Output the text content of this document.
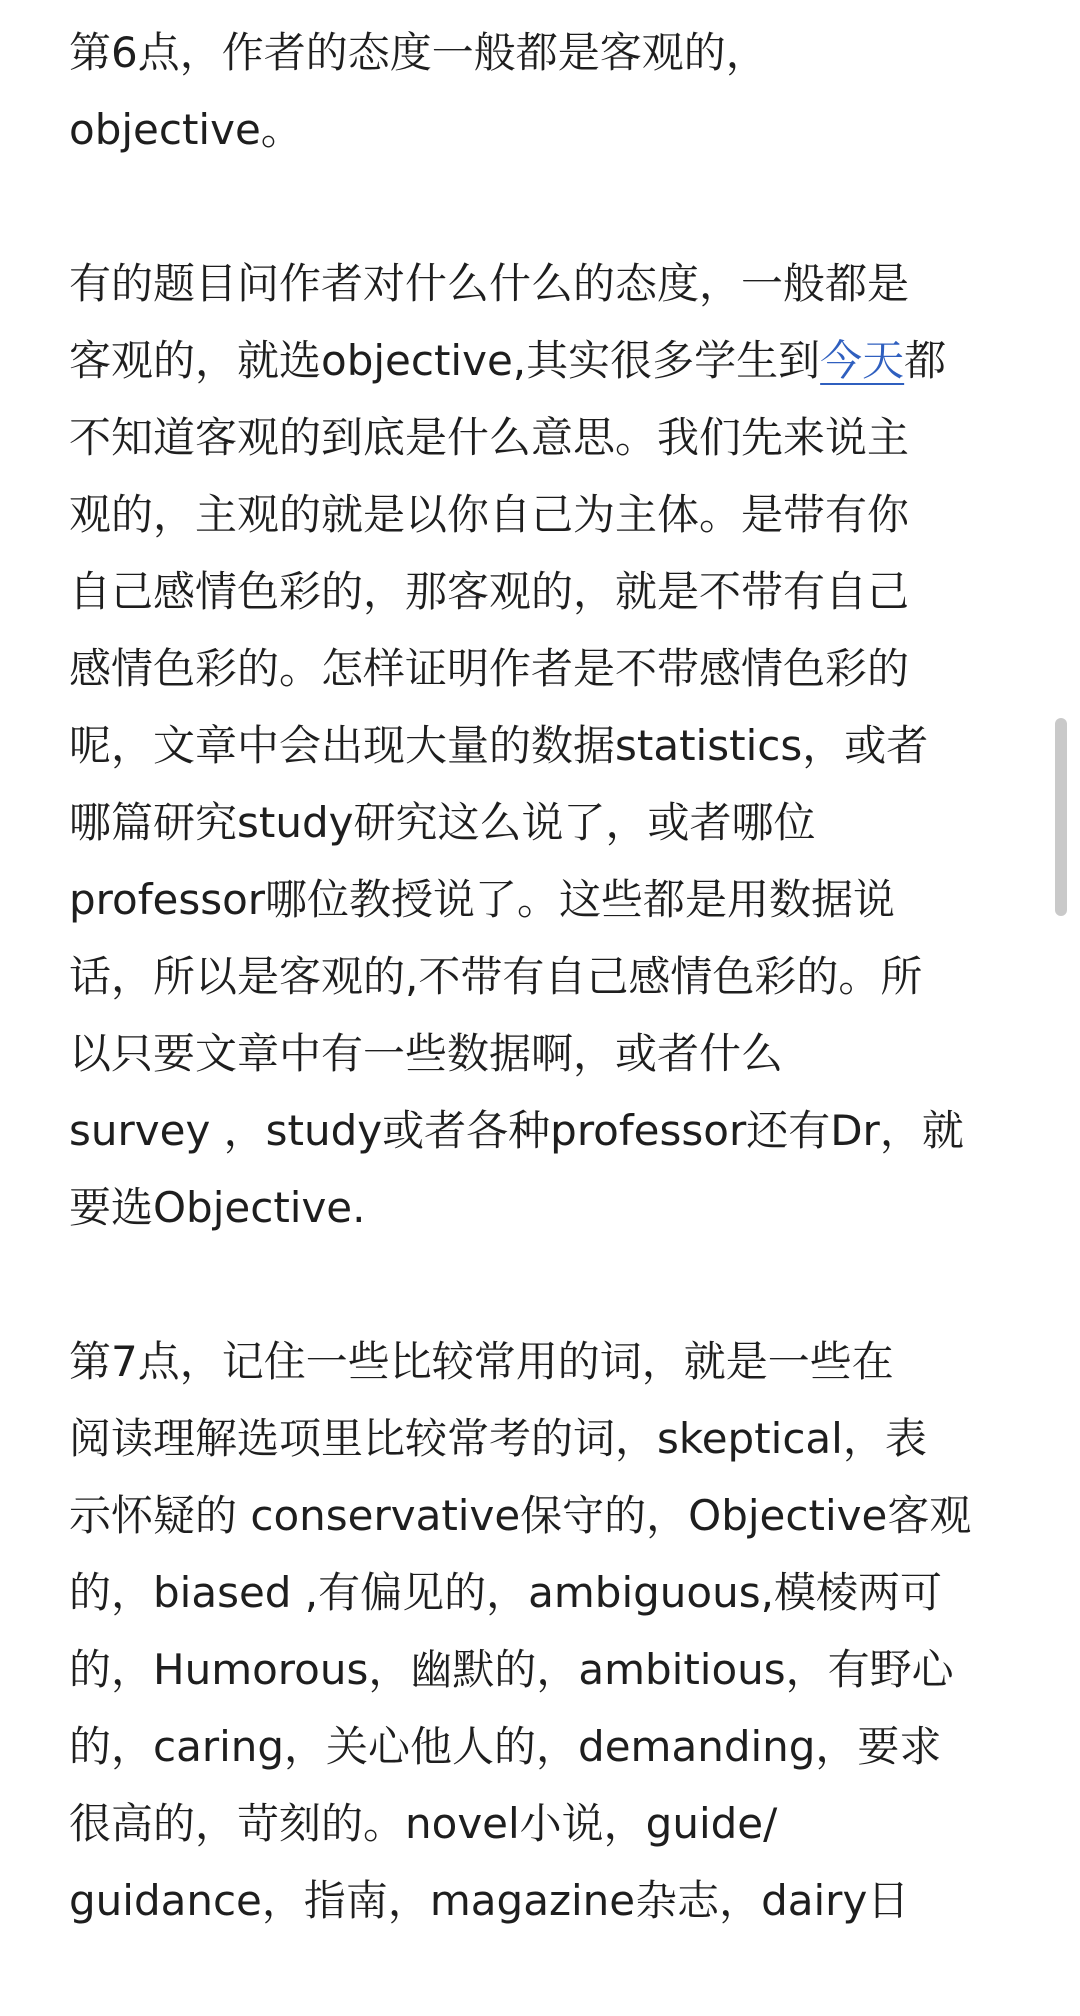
第6点，作者的态度一般都是客观的，
objective。
有的题目问作者对什么什么的态度，一般都是
客观的，就选objective,其实很多学生到今天都
不知道客观的到底是什么意思。我们先来说主
观的，主观的就是以你自己为主体。是带有你
自己感情色彩的，那客观的，就是不带有自己
感情色彩的。怎样证明作者是不带感情色彩的
呢，文章中会出现大量的数据statistics，或者
哪篇研究study研究这么说了，或者哪位
professor哪位教授说了。这些都是用数据说
话，所以是客观的,不带有自己感情色彩的。所
以只要文章中有一些数据啊，或者什么
survey ，study或者各种professor还有Dr，就
要选Objective.
第7点，记住一些比较常用的词，就是一些在
阅读理解选项里比较常考的词，skeptical，表
示怀疑的 conservative保守的，Objective客观
的，biased ,有偏见的，ambiguous,模棱两可
的，Humorous，幽默的，ambitious，有野心
的，caring，关心他人的，demanding，要求
很高的，苛刻的。novel小说，guide/
guidance，指南，magazine杂志，dairy日
